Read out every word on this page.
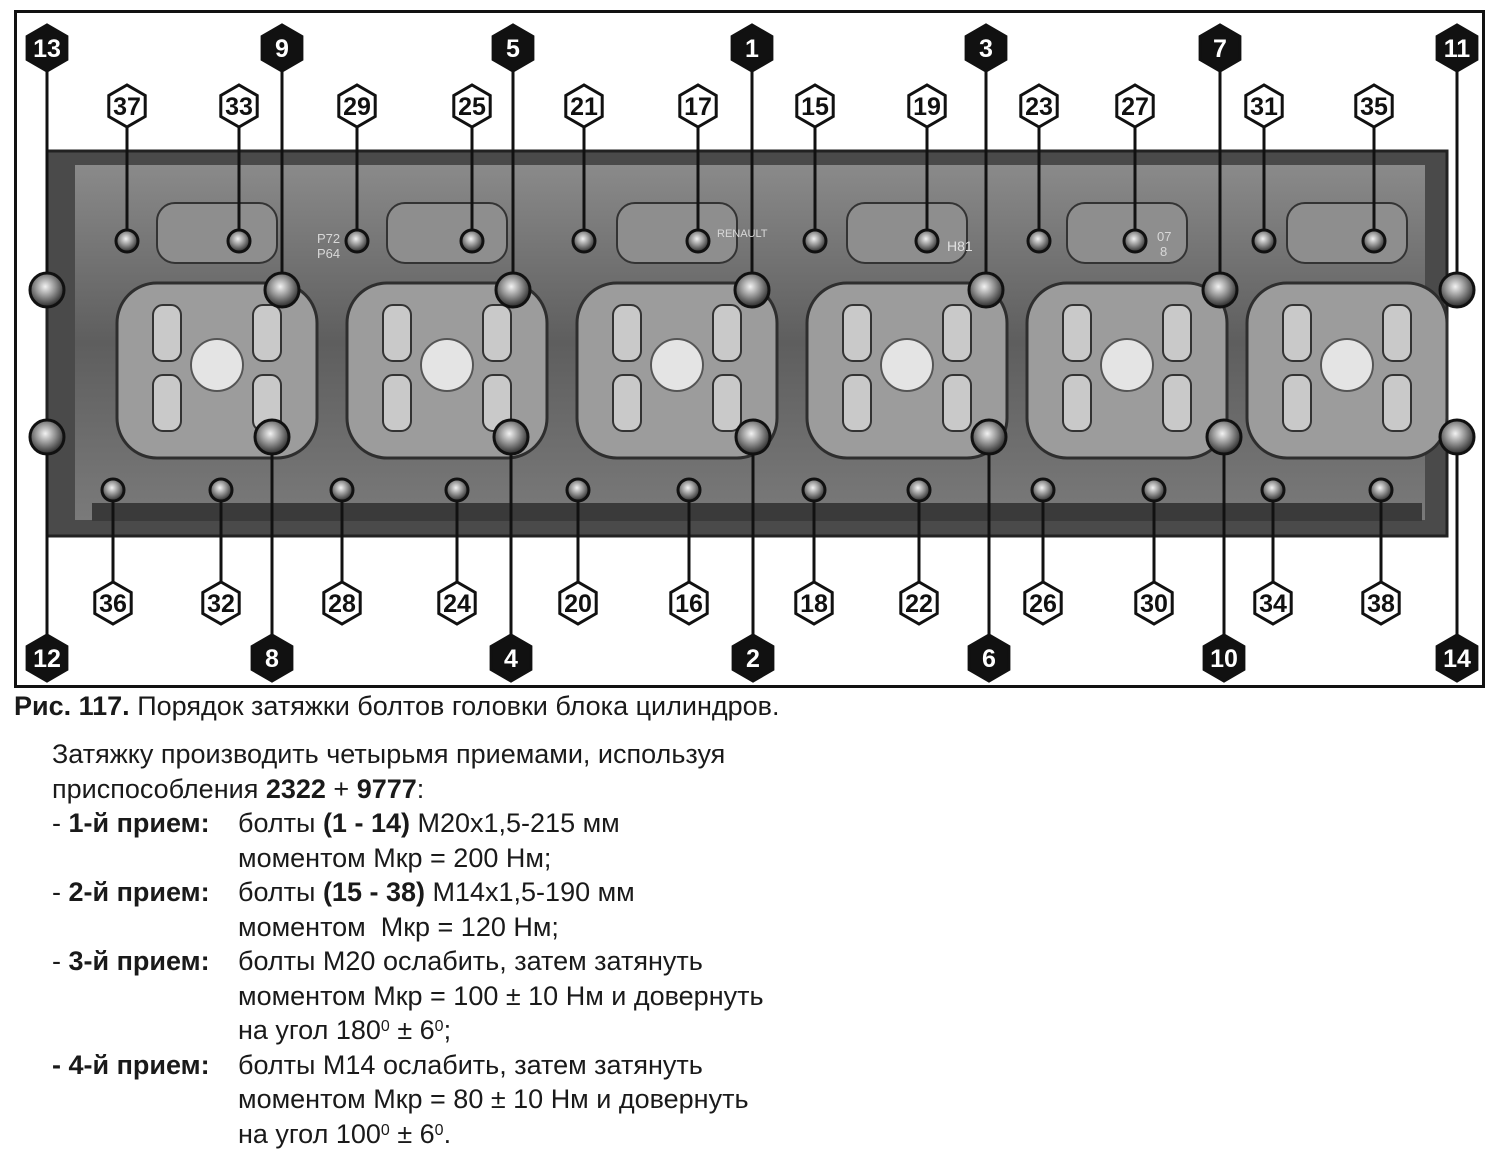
13	9	5	1	3	7	11
37	33	29	25	21	17	15	19	23	27	31	35
36	32	28	24	20	16	18	22	26	30	34	38
12	8	4	2	6	10	14
P72
P64
RENAULT
H81
07
8
Рис. 117. Порядок затяжки болтов головки блока цилиндров.
Затяжку производить четырьмя приемами, используя
приспособления 2322 + 9777:
- 1-й прием:	болты (1 - 14) М20x1,5-215 мм
моментом Мкр = 200 Нм;
- 2-й прием:	болты (15 - 38) М14x1,5-190 мм
моментом  Мкр = 120 Нм;
- 3-й прием:	болты М20 ослабить, затем затянуть
моментом Мкр = 100 ± 10 Нм и довернуть
на угол $180^0 \pm 6^0$;
- 4-й прием:	болты М14 ослабить, затем затянуть
моментом Мкр = 80 ± 10 Нм и довернуть
на угол $100^0 \pm 6^0$.
